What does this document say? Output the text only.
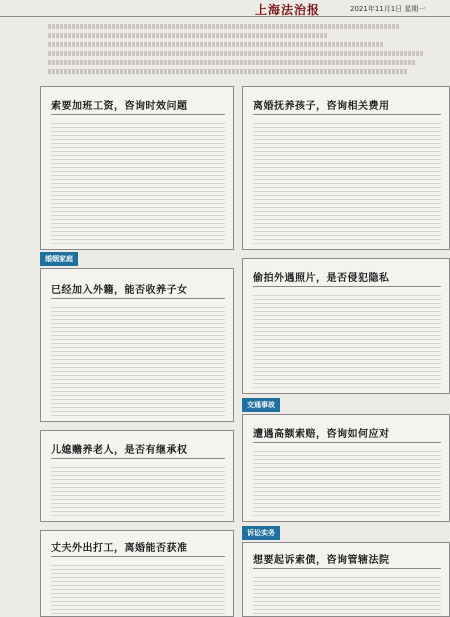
上海法治报	2021年11月1日 星期一
索要加班工资，咨询时效问题	离婚抚养孩子，咨询相关费用
婚姻家庭
已经加入外籍，能否收养子女
偷拍外遇照片，是否侵犯隐私
交通事故
遭遇高额索赔，咨询如何应对
儿媳赡养老人，是否有继承权
诉讼实务
丈夫外出打工，离婚能否获准
想要起诉索债，咨询管辖法院
